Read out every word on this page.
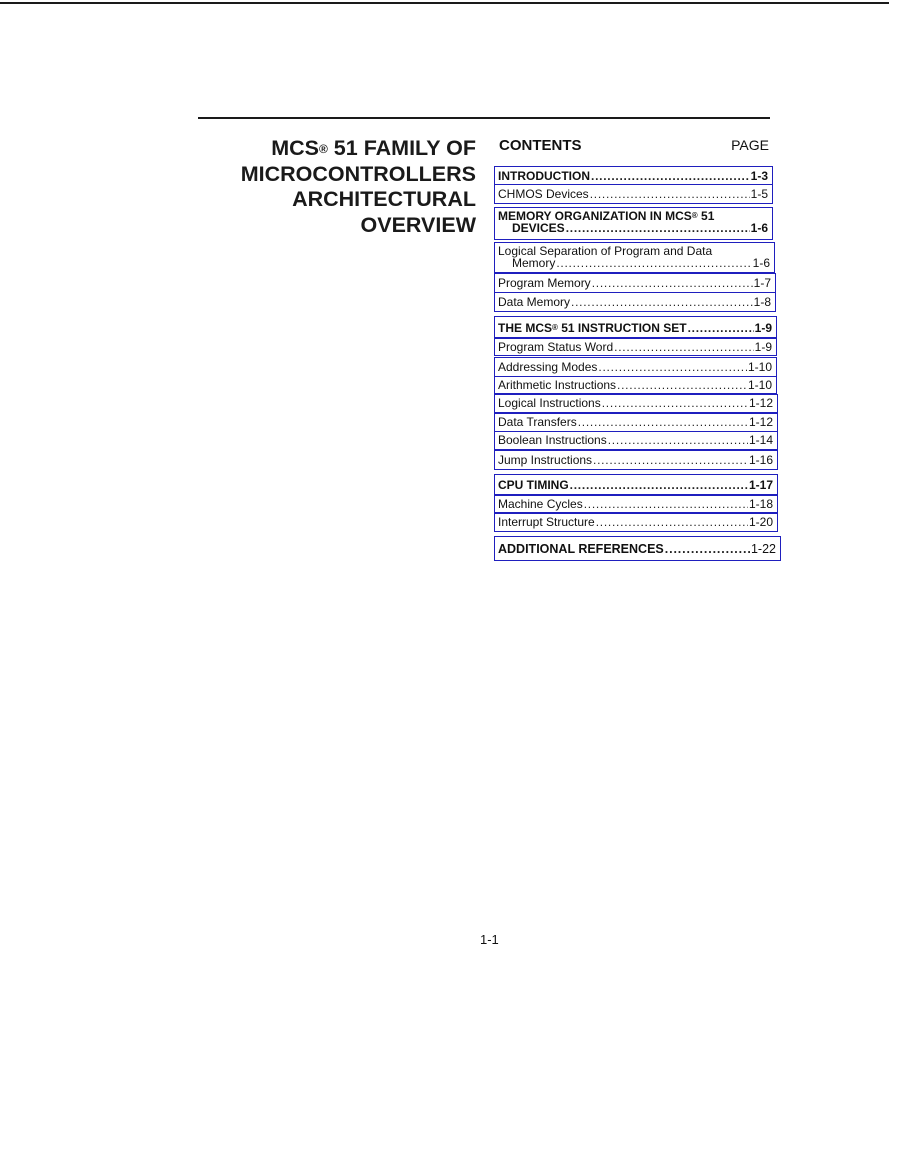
MCS® 51 FAMILY OF
MICROCONTROLLERS
ARCHITECTURAL
OVERVIEW
CONTENTS	PAGE
INTRODUCTION . . .	1-3
CHMOS Devices . . .	1-5
MEMORY ORGANIZATION IN MCS® 51
DEVICES . . .	1-6
Logical Separation of Program and Data
Memory . . .	1-6
Program Memory . . .	1-7
Data Memory . . .	1-8
THE MCS® 51 INSTRUCTION SET . . .	1-9
Program Status Word . . .	1-9
Addressing Modes . . .	1-10
Arithmetic Instructions . . .	1-10
Logical Instructions . . .	1-12
Data Transfers . . .	1-12
Boolean Instructions . . .	1-14
Jump Instructions . . .	1-16
CPU TIMING . . .	1-17
Machine Cycles . . .	1-18
Interrupt Structure . . .	1-20
ADDITIONAL REFERENCES . . .	1-22
1-1
